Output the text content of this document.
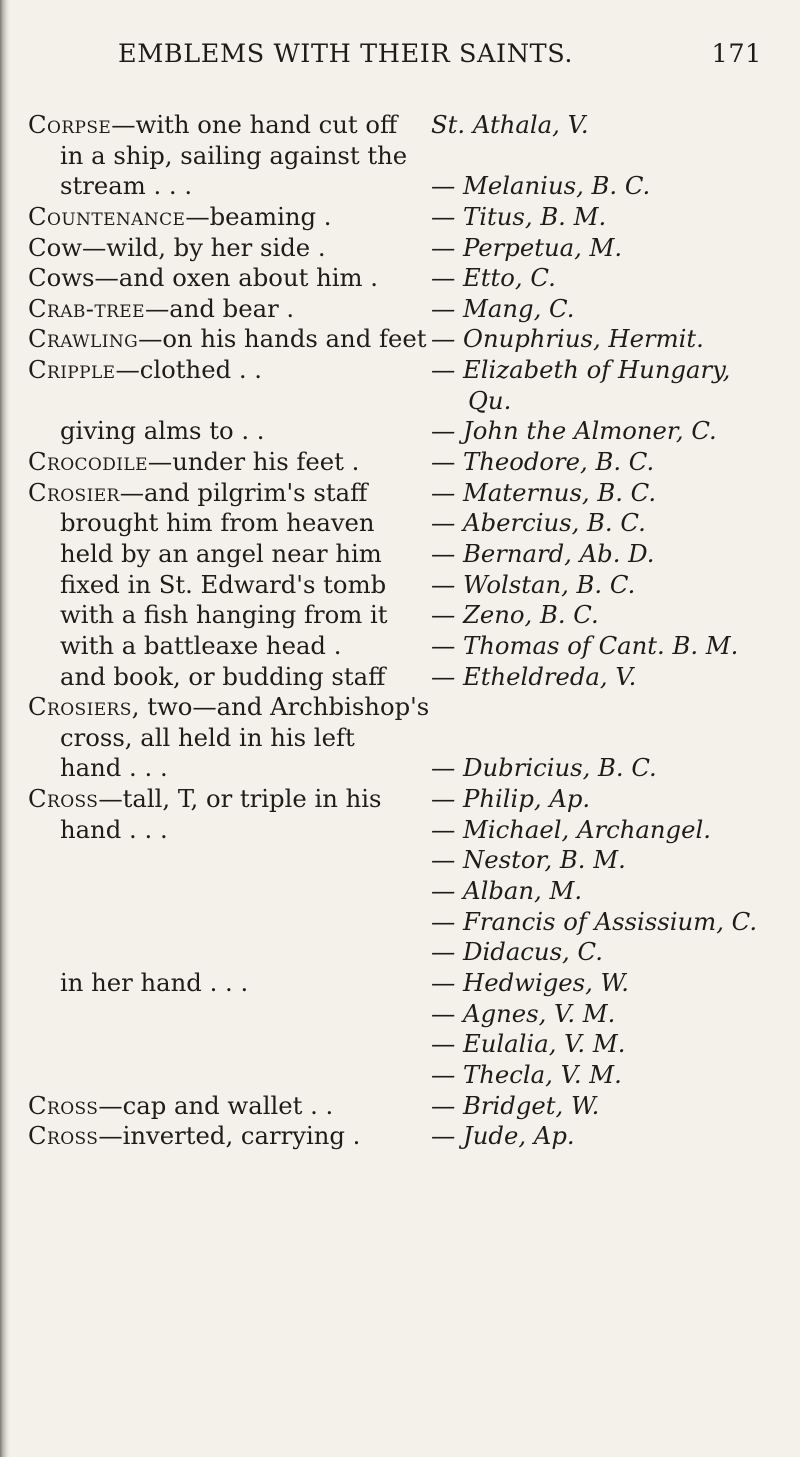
EMBLEMS WITH THEIR SAINTS.	171
Corpse—with one hand cut off St. Athala, V.
in a ship, sailing against the
stream . . .	— Melanius, B. C.
Countenance—beaming .	— Titus, B. M.
Cow—wild, by her side .	— Perpetua, M.
Cows—and oxen about him . — Etto, C.
Crab-tree—and bear .	— Mang, C.
Crawling—on his hands and feet — Onuphrius, Hermit.
Cripple—clothed . .	— Elizabeth of Hungary,
Qu.
giving alms to . .	— John the Almoner, C.
Crocodile—under his feet .	— Theodore, B. C.
Crosier—and pilgrim's staff	— Maternus, B. C.
brought him from heaven — Abercius, B. C.
held by an angel near him — Bernard, Ab. D.
fixed in St. Edward's tomb — Wolstan, B. C.
with a fish hanging from it — Zeno, B. C.
with a battleaxe head .	— Thomas of Cant. B. M.
and book, or budding staff — Etheldreda, V.
Crosiers, two—and Archbishop's
cross, all held in his left
hand . . .	— Dubricius, B. C.
Cross—tall, T, or triple in his — Philip, Ap.
hand . . .	— Michael, Archangel.
— Nestor, B. M.
— Alban, M.
— Francis of Assissium, C.
— Didacus, C.
in her hand . . .	— Hedwiges, W.
— Agnes, V. M.
— Eulalia, V. M.
— Thecla, V. M.
Cross—cap and wallet . .	— Bridget, W.
Cross—inverted, carrying .	— Jude, Ap.
